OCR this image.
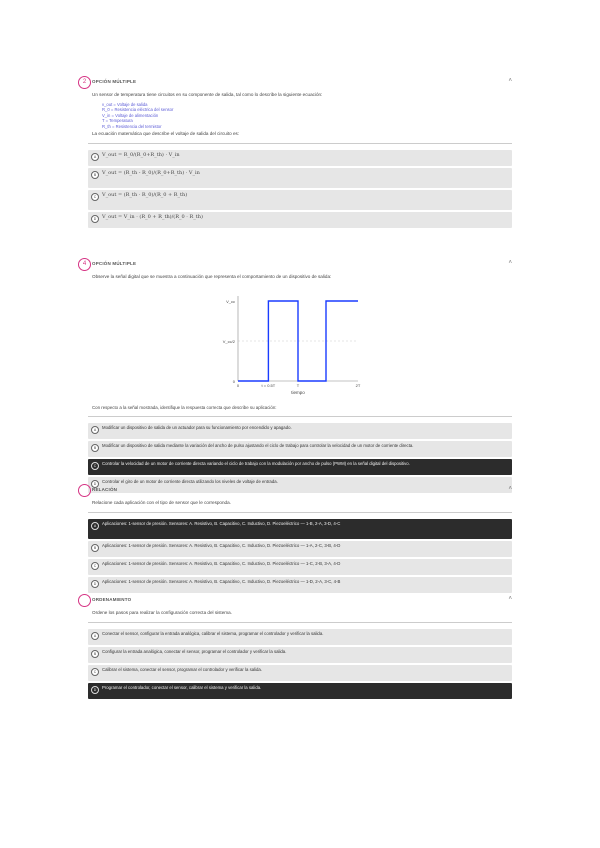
2	OPCIÓN MÚLTIPLE	˄
Un sensor de temperatura tiene circuitos en su componente de salida, tal como lo describe la siguiente ecuación:
v_out = Voltaje de salida
R_0 = Resistencia eléctrica del sensor
V_in = Voltaje de alimentación
T = Temperatura
R_th = Resistencia del termistor
La ecuación matemática que describe el voltaje de salida del circuito es:
A	V_out = R_0/(R_0+R_th) · V_in
B	V_out = (R_th - R_0)/(R_0+R_th) · V_in
C	V_out = (R_th · R_0)/(R_0 + R_th)
D	V_out = V_in · (R_0 + R_th)/(R_0 · R_th)
4	OPCIÓN MÚLTIPLE	˄
Observe la señal digital que se muestra a continuación que representa el comportamiento de un dispositivo de salida:
0
V_cc
V_cc/2
0	t = 0.5T	T	2T
tiempo
Con respecto a la señal mostrada, identifique la respuesta correcta que describe su aplicación:
A	Modificar un dispositivo de salida de un actuador para su funcionamiento por encendido y apagado.
B	Modificar un dispositivo de salida mediante la variación del ancho de pulso ajustando el ciclo de trabajo para controlar la velocidad de un motor de corriente directa.
C	Controlar la velocidad de un motor de corriente directa variando el ciclo de trabajo con la modulación por ancho de pulso (PWM) en la señal digital del dispositivo.
D	Controlar el giro de un motor de corriente directa utilizando los niveles de voltaje de entrada.
RELACIÓN	˄
Relacione cada aplicación con el tipo de sensor que le corresponda.
A	Aplicaciones: 1-sensor de presión. Sensores: A. Resistivo, B. Capacitivo, C. Inductivo, D. Piezoeléctrico — 1-B, 2-A, 3-D, 4-C
B	Aplicaciones: 1-sensor de presión. Sensores: A. Resistivo, B. Capacitivo, C. Inductivo, D. Piezoeléctrico — 1-A, 2-C, 3-B, 4-D
C	Aplicaciones: 1-sensor de presión. Sensores: A. Resistivo, B. Capacitivo, C. Inductivo, D. Piezoeléctrico — 1-C, 2-B, 3-A, 4-D
D	Aplicaciones: 1-sensor de presión. Sensores: A. Resistivo, B. Capacitivo, C. Inductivo, D. Piezoeléctrico — 1-D, 2-A, 3-C, 4-B
ORDENAMIENTO	˄
Ordene los pasos para realizar la configuración correcta del sistema.
A	Conectar el sensor, configurar la entrada analógica, calibrar el sistema, programar el controlador y verificar la salida.
B	Configurar la entrada analógica, conectar el sensor, programar el controlador y verificar la salida.
C	Calibrar el sistema, conectar el sensor, programar el controlador y verificar la salida.
D	Programar el controlador, conectar el sensor, calibrar el sistema y verificar la salida.
